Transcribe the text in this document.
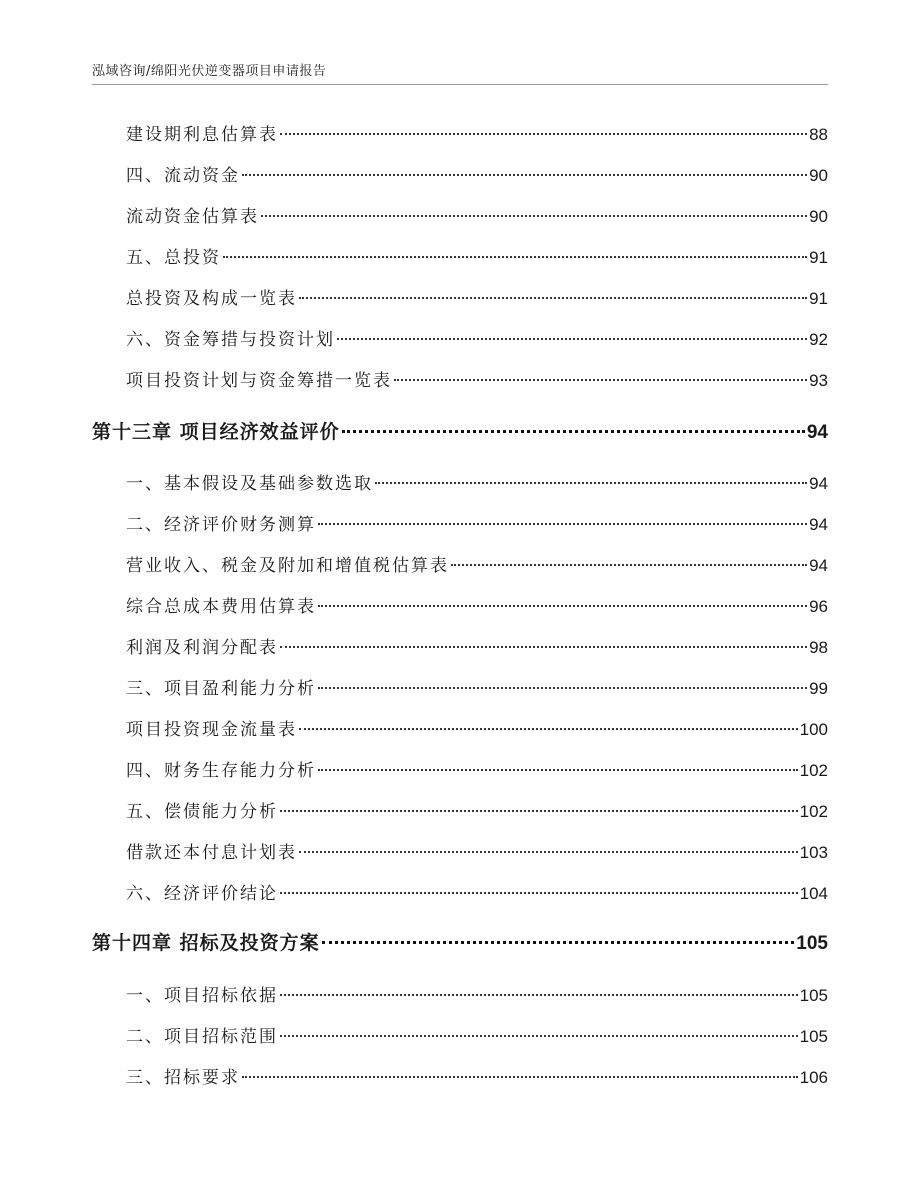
泓域咨询/绵阳光伏逆变器项目申请报告
建设期利息估算表	88
四、流动资金	90
流动资金估算表	90
五、总投资	91
总投资及构成一览表	91
六、资金筹措与投资计划	92
项目投资计划与资金筹措一览表	93
第十三章 项目经济效益评价	94
一、基本假设及基础参数选取	94
二、经济评价财务测算	94
营业收入、税金及附加和增值税估算表	94
综合总成本费用估算表	96
利润及利润分配表	98
三、项目盈利能力分析	99
项目投资现金流量表	100
四、财务生存能力分析	102
五、偿债能力分析	102
借款还本付息计划表	103
六、经济评价结论	104
第十四章 招标及投资方案	105
一、项目招标依据	105
二、项目招标范围	105
三、招标要求	106
